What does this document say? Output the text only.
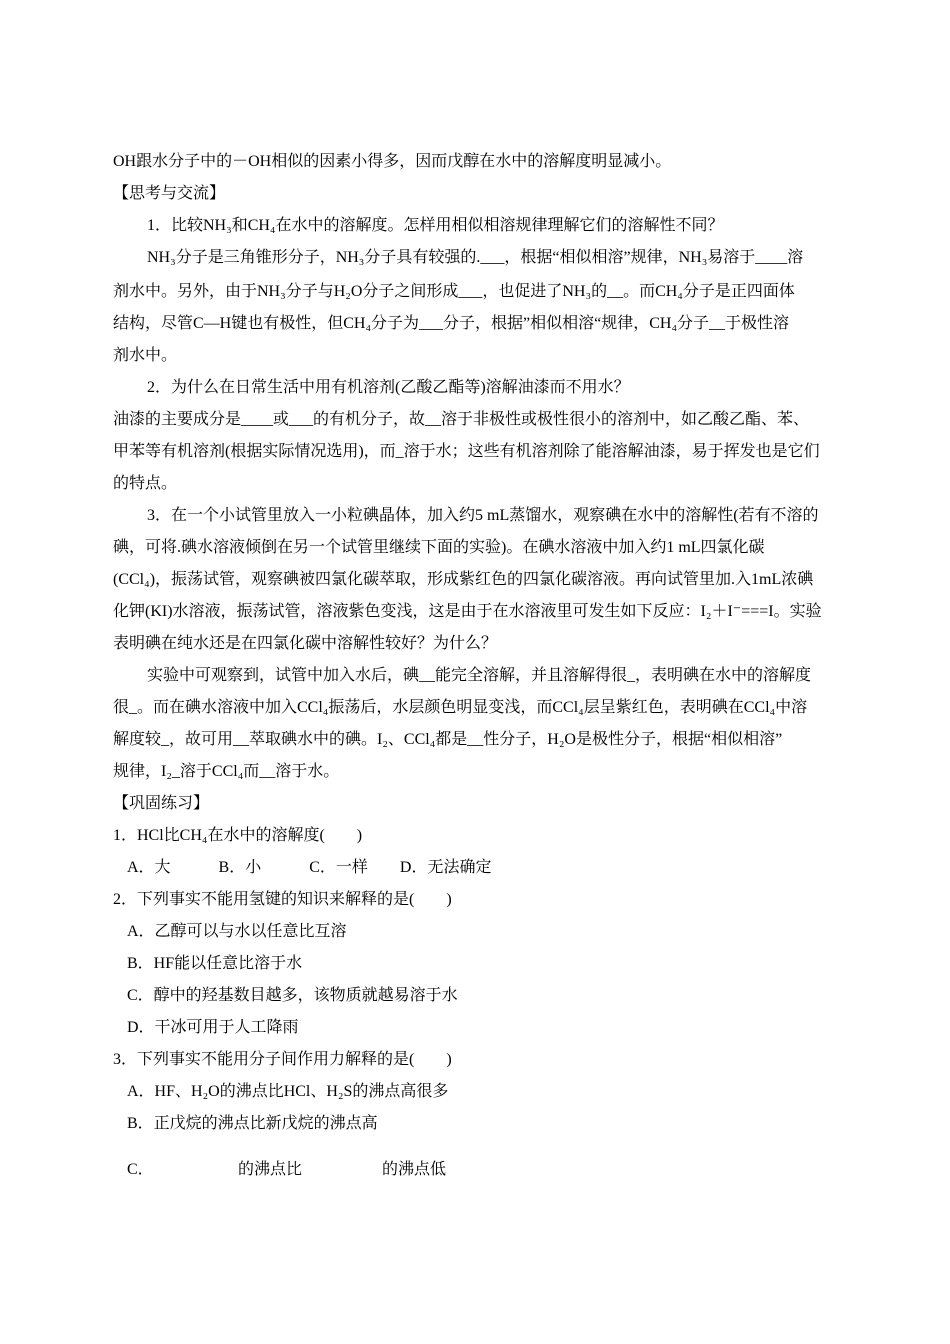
OH跟水分子中的－OH相似的因素小得多，因而戊醇在水中的溶解度明显减小。
【思考与交流】
1．比较NH₃和CH₄在水中的溶解度。怎样用相似相溶规律理解它们的溶解性不同？
NH₃分子是三角锥形分子，NH₃分子具有较强的.___，根据“相似相溶”规律，NH₃易溶于____溶
剂水中。另外，由于NH₃分子与H₂O分子之间形成___，也促进了NH₃的__。而CH₄分子是正四面体
结构，尽管C—H键也有极性，但CH₄分子为___分子，根据”相似相溶“规律，CH₄分子__于极性溶
剂水中。
2．为什么在日常生活中用有机溶剂(乙酸乙酯等)溶解油漆而不用水？
油漆的主要成分是____或___的有机分子，故__溶于非极性或极性很小的溶剂中，如乙酸乙酯、苯、
甲苯等有机溶剂(根据实际情况选用)，而_溶于水；这些有机溶剂除了能溶解油漆，易于挥发也是它们
的特点。
3．在一个小试管里放入一小粒碘晶体，加入约5 mL蒸馏水，观察碘在水中的溶解性(若有不溶的
碘，可将.碘水溶液倾倒在另一个试管里继续下面的实验)。在碘水溶液中加入约1 mL四氯化碳
(CCl₄)，振荡试管，观察碘被四氯化碳萃取，形成紫红色的四氯化碳溶液。再向试管里加.入1mL浓碘
化钾(KI)水溶液，振荡试管，溶液紫色变浅，这是由于在水溶液里可发生如下反应：I₂＋I⁻===I。实验
表明碘在纯水还是在四氯化碳中溶解性较好？为什么？
实验中可观察到，试管中加入水后，碘__能完全溶解，并且溶解得很_，表明碘在水中的溶解度
很_。而在碘水溶液中加入CCl₄振荡后，水层颜色明显变浅，而CCl₄层呈紫红色，表明碘在CCl₄中溶
解度较_，故可用__萃取碘水中的碘。I₂、CCl₄都是__性分子，H₂O是极性分子，根据“相似相溶”
规律，I₂_溶于CCl₄而__溶于水。
【巩固练习】
1．HCl比CH₄在水中的溶解度(　　)
A．大　　　B．小　　　C．一样　　D．无法确定
2．下列事实不能用氢键的知识来解释的是(　　)
A．乙醇可以与水以任意比互溶
B．HF能以任意比溶于水
C．醇中的羟基数目越多，该物质就越易溶于水
D．干冰可用于人工降雨
3．下列事实不能用分子间作用力解释的是(　　)
A．HF、H₂O的沸点比HCl、H₂S的沸点高很多
B．正戊烷的沸点比新戊烷的沸点高
C．	的沸点比	的沸点低
